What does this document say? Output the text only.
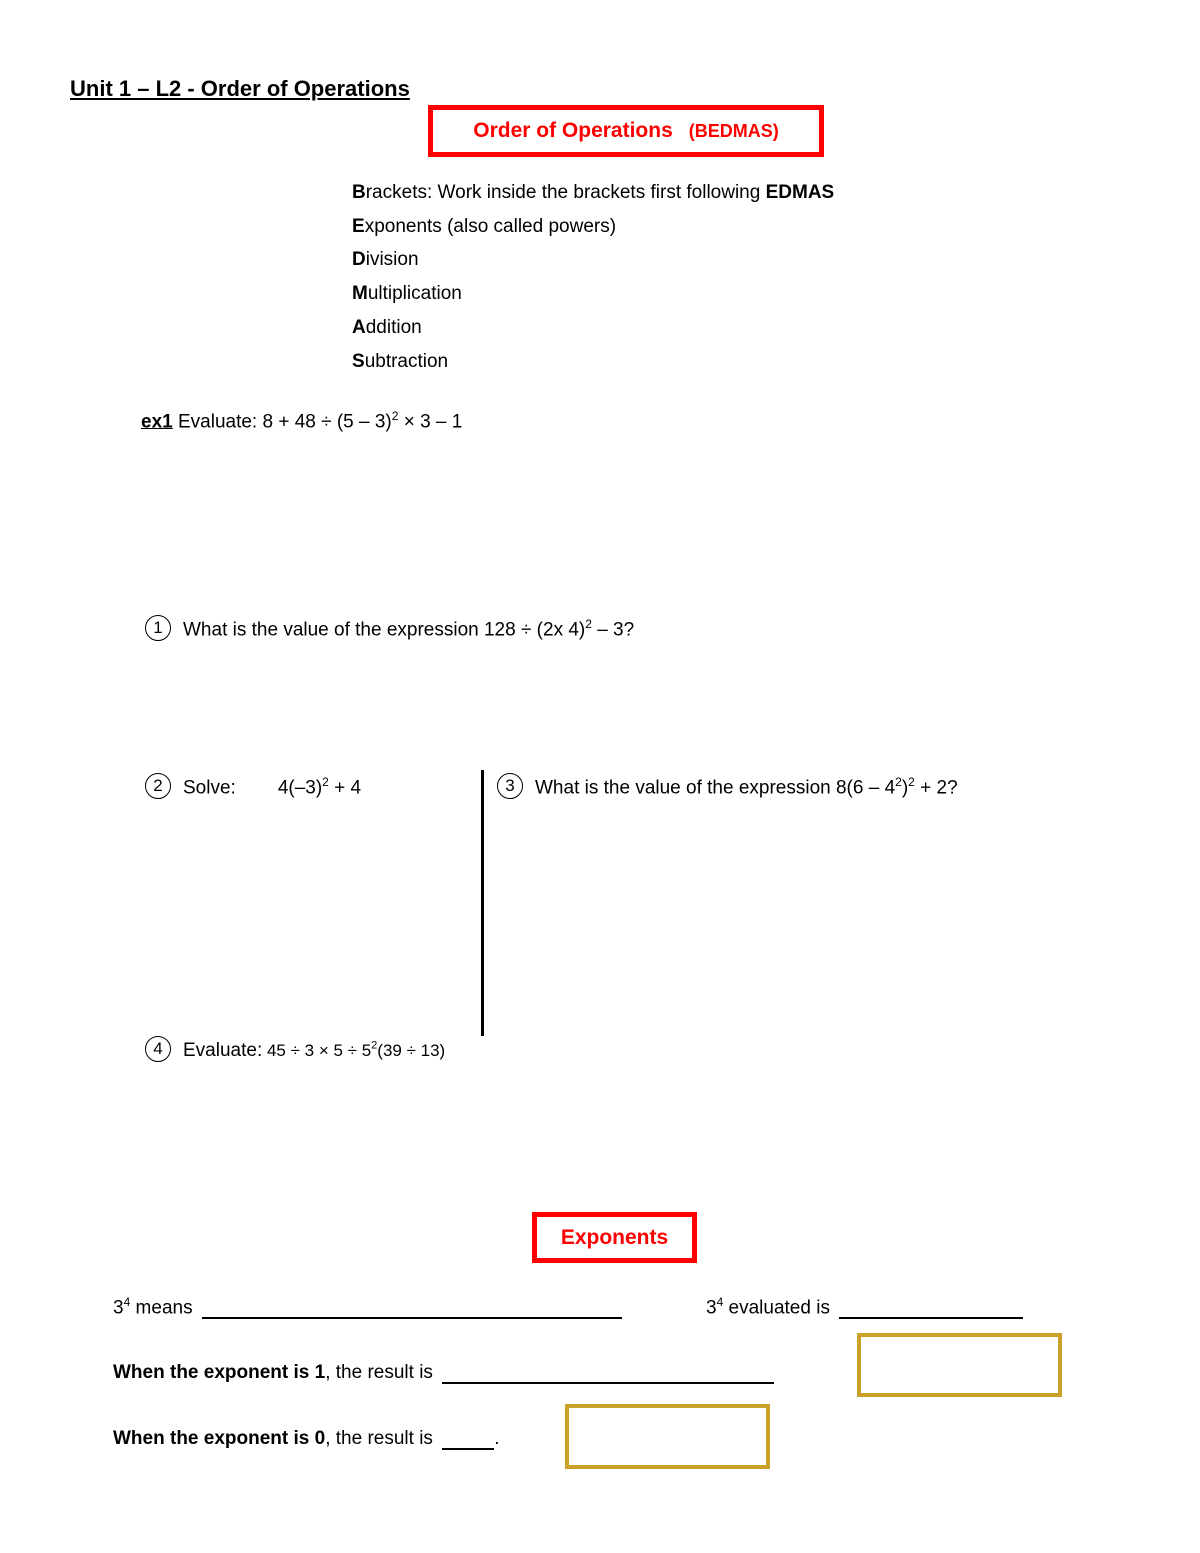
Unit 1 – L2 - Order of Operations
Order of Operations (BEDMAS)
Brackets: Work inside the brackets first following EDMAS
Exponents (also called powers)
Division
Multiplication
Addition
Subtraction
ex1 Evaluate: 8 + 48 ÷ (5 – 3)$^2$ × 3 – 1
1 What is the value of the expression 128 ÷ (2x 4)$^2$ – 3?
2 Solve: $4(-3)^2 + 4$	3 What is the value of the expression $8(6 - 4^2)^2 + 2$?
4 Evaluate: $45 \div 3 \times 5 \div 5^2(39 \div 13)$
Exponents
$3^4$ means	$3^4$ evaluated is
When the exponent is 1, the result is
When the exponent is 0, the result is	.
